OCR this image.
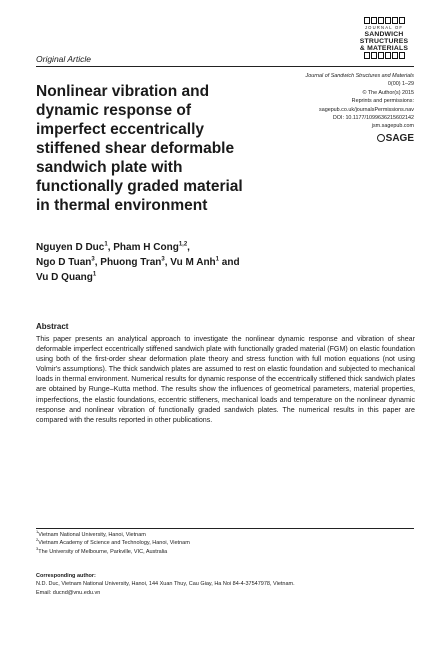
JOURNAL OF
SANDWICH
STRUCTURES
& MATERIALS
Original Article
Journal of Sandwich Structures and Materials
0(00) 1–29
© The Author(s) 2015
Reprints and permissions:
sagepub.co.uk/journalsPermissions.nav
DOI: 10.1177/1099636215602142
jsm.sagepub.com
SAGE
Nonlinear vibration and dynamic response of imperfect eccentrically stiffened shear deformable sandwich plate with functionally graded material in thermal environment
Nguyen D Duc$^1$, Pham H Cong$^{1,2}$,
Ngo D Tuan$^3$, Phuong Tran$^3$, Vu M Anh$^1$ and
Vu D Quang$^1$
Abstract

This paper presents an analytical approach to investigate the nonlinear dynamic response and vibration of shear deformable imperfect eccentrically stiffened sandwich plate with functionally graded material (FGM) on elastic foundation using both of the first-order shear deformation plate theory and stress function with full motion equations (not using Volmir's assumptions). The thick sandwich plates are assumed to rest on elastic foundation and subjected to mechanical loads in thermal environment. Numerical results for dynamic response of the eccentrically stiffened thick sandwich plates are obtained by Runge–Kutta method. The results show the influences of geometrical parameters, material properties, imperfections, the elastic foundations, eccentric stiffeners, mechanical loads and temperature on the nonlinear dynamic response and nonlinear vibration of functionally graded sandwich plates. The numerical results in this paper are compared with the results reported in other publications.

$^1$Vietnam National University, Hanoi, Vietnam
$^2$Vietnam Academy of Science and Technology, Hanoi, Vietnam
$^3$The University of Melbourne, Parkville, VIC, Australia
Corresponding author:
N.D. Duc, Vietnam National University, Hanoi, 144 Xuan Thuy, Cau Giay, Ha Noi 84-4-37547978, Vietnam.
Email: ducnd@vnu.edu.vn
